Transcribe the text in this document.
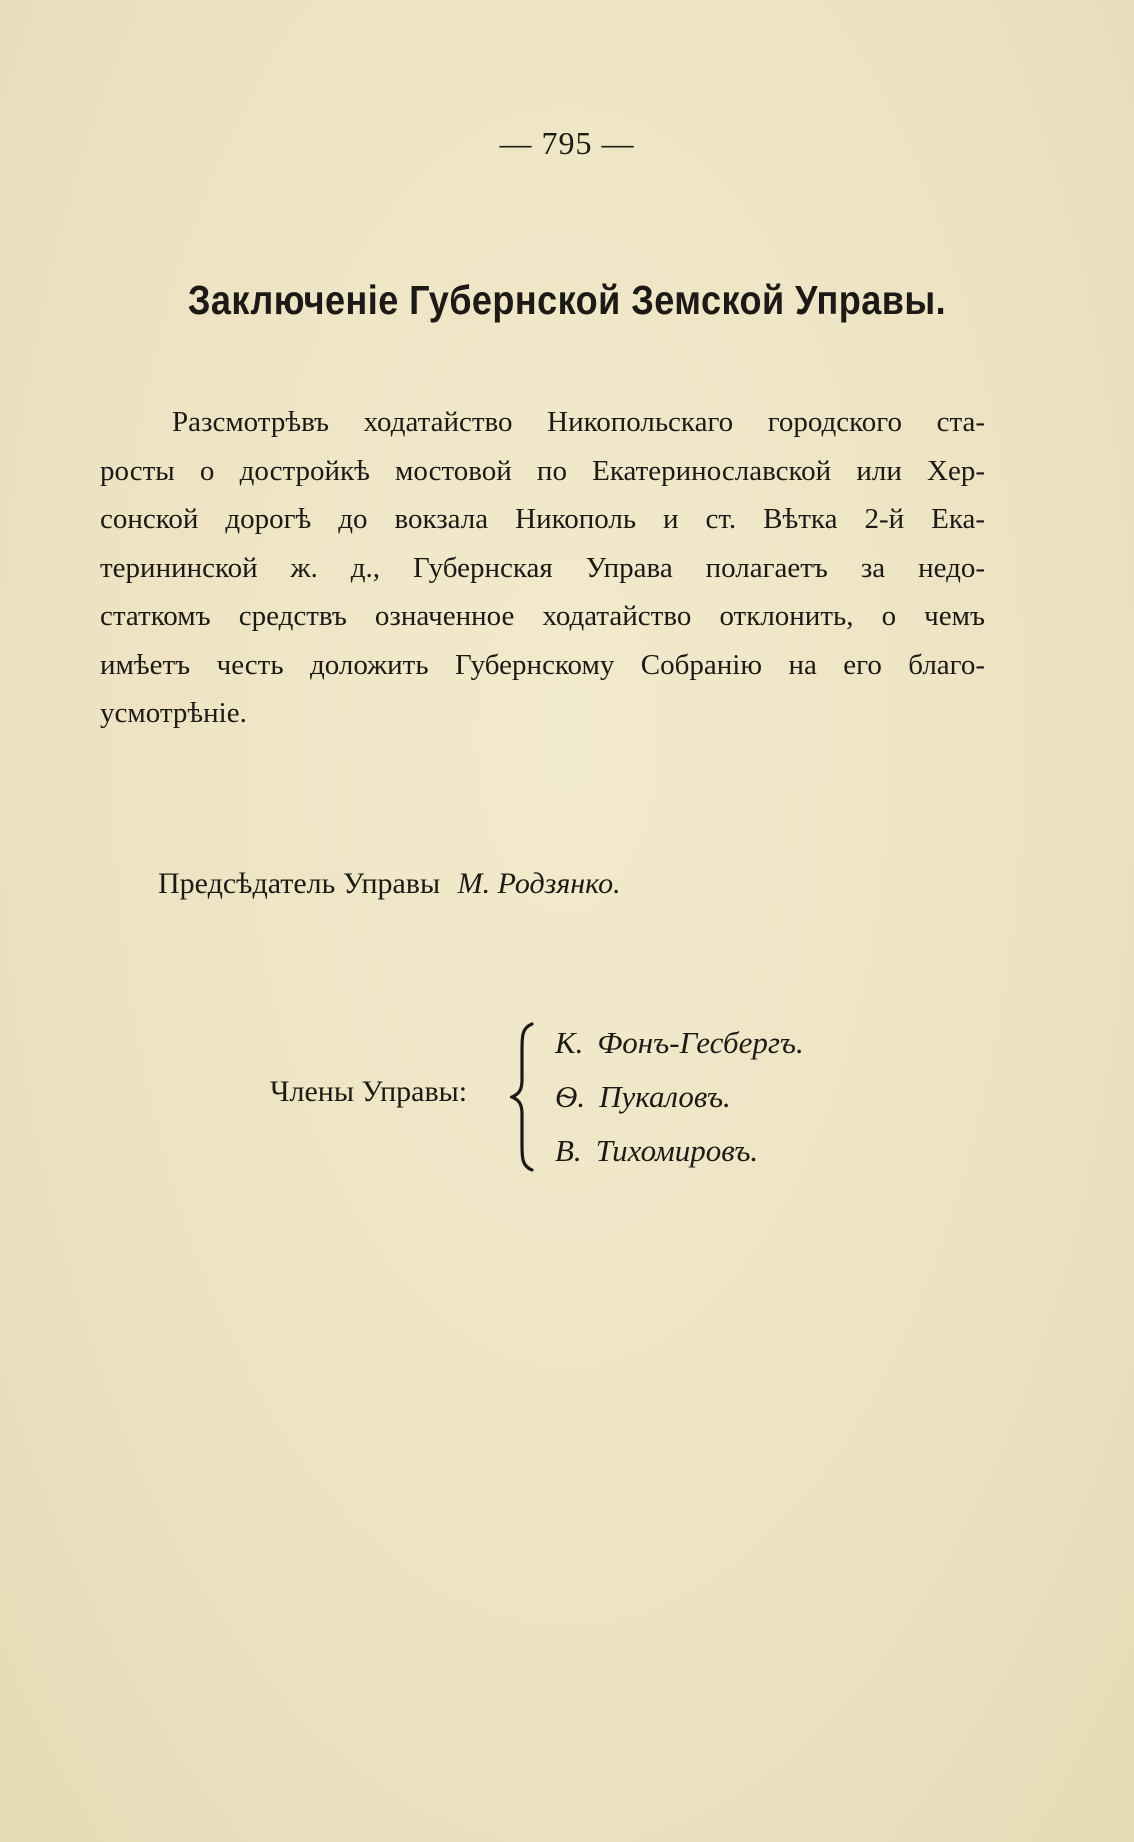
— 795 —
Заключеніе Губернской Земской Управы.
Разсмотрѣвъ ходатайство Никопольскаго городского ста-
росты о достройкѣ мостовой по Екатеринославской или Хер-
сонской дорогѣ до вокзала Никополь и ст. Вѣтка 2-й Ека-
терининской ж. д., Губернская Управа полагаетъ за недо-
статкомъ средствъ означенное ходатайство отклонить, о чемъ
имѣетъ честь доложить Губернскому Собранію на его благо-
усмотрѣніе.
Предсѣдатель Управы М. Родзянко.
Члены Управы:
К. Фонъ-Гесбергъ.
Ѳ. Пукаловъ.
В. Тихомировъ.
